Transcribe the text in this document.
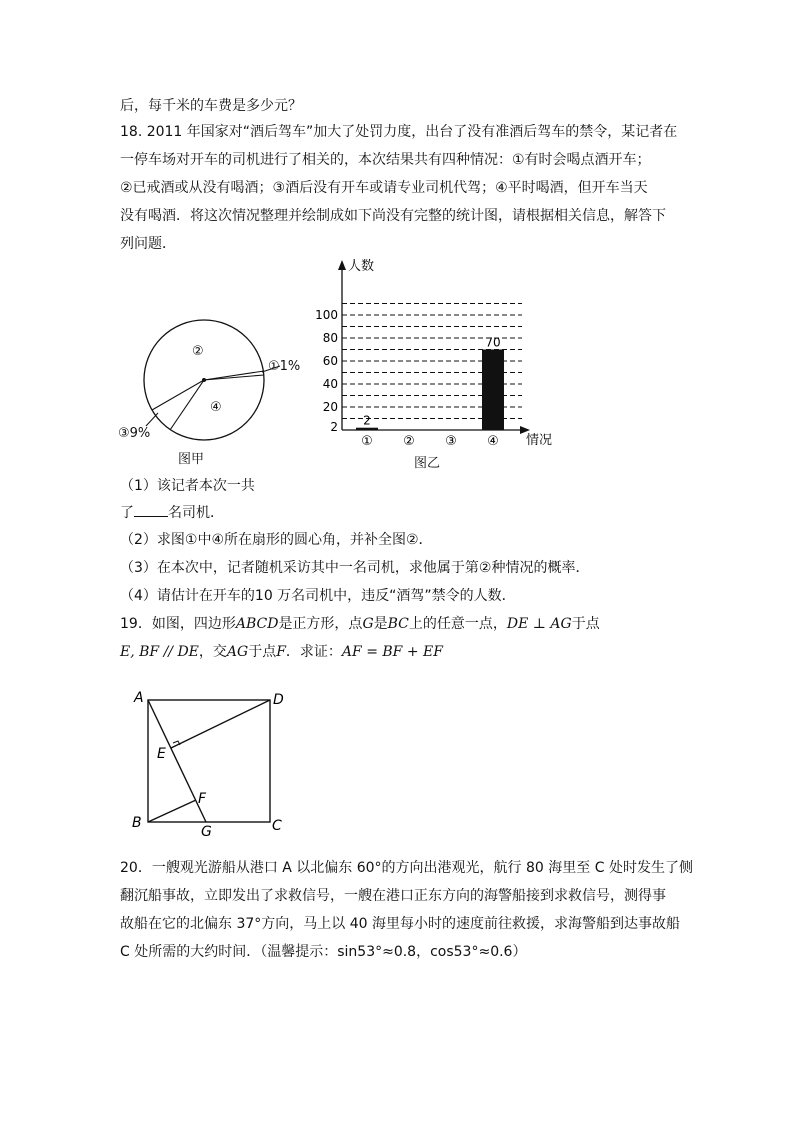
后，每千米的车费是多少元？
18. 2011 年国家对“酒后驾车”加大了处罚力度，出台了没有准酒后驾车的禁令，某记者在
一停车场对开车的司机进行了相关的，本次结果共有四种情况：①有时会喝点酒开车；
②已戒酒或从没有喝酒；③酒后没有开车或请专业司机代驾；④平时喝酒，但开车当天
没有喝酒．将这次情况整理并绘制成如下尚没有完整的统计图，请根据相关信息，解答下
列问题．
②
④
①1%
③9%
图甲
人数
情况
2
20
40
60
80
100
①
2
② ③ ④
70
图乙
（1）该记者本次一共
了 名司机．
（2）求图①中④所在扇形的圆心角，并补全图②．
（3）在本次中，记者随机采访其中一名司机，求他属于第②种情况的概率．
（4）请估计在开车的10 万名司机中，违反“酒驾”禁令的人数．
19．如图，四边形ABCD是正方形，点G是BC上的任意一点，DE ⊥ AG于点
E, BF // DE，交AG于点F．求证：AF = BF + EF
A	D
E
F
B
G	C
20．一艘观光游船从港口 A 以北偏东 60°的方向出港观光，航行 80 海里至 C 处时发生了侧
翻沉船事故，立即发出了求救信号，一艘在港口正东方向的海警船接到求救信号，测得事
故船在它的北偏东 37°方向，马上以 40 海里每小时的速度前往救援，求海警船到达事故船
C 处所需的大约时间．（温馨提示：sin53°≈0.8，cos53°≈0.6）
